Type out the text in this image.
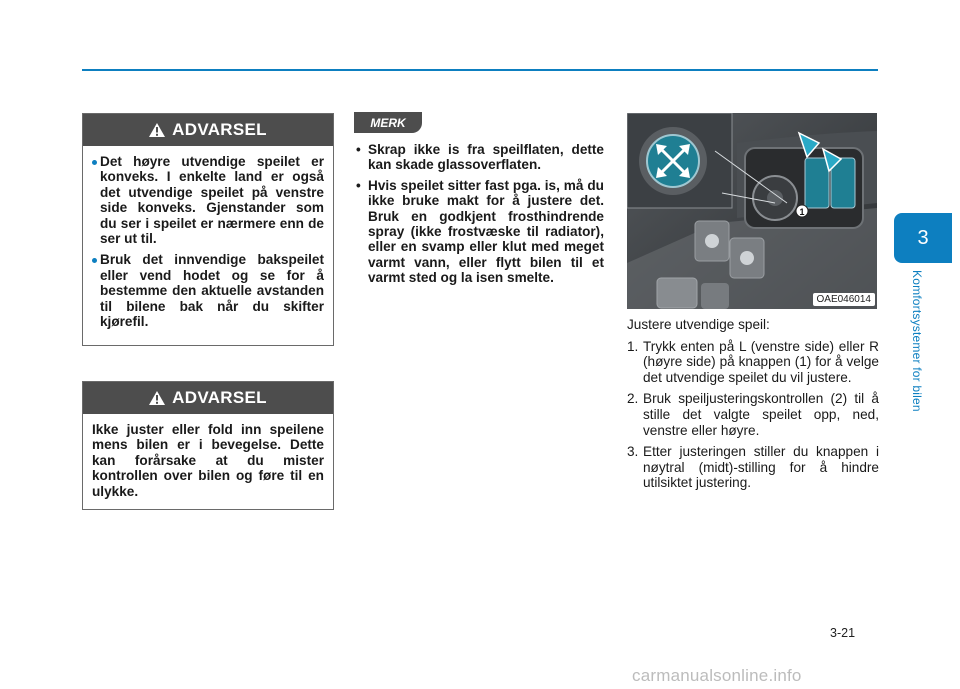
ADVARSEL
Det høyre utvendige speilet er konveks. I enkelte land er også det utvendige speilet på venstre side konveks. Gjenstander som du ser i speilet er nærmere enn de ser ut til.
Bruk det innvendige bakspeilet eller vend hodet og se for å bestemme den aktuelle avstanden til bilene bak når du skifter kjørefil.
ADVARSEL

Ikke juster eller fold inn speilene mens bilen er i bevegelse. Dette kan forårsake at du mister kontrollen over bilen og føre til en ulykke.

MERK
• Skrap ikke is fra speilflaten, dette kan skade glassoverflaten.
• Hvis speilet sitter fast pga. is, må du ikke bruke makt for å justere det. Bruk en godkjent frosthindrende spray (ikke frostvæske til radiator), eller en svamp eller klut med meget varmt vann, eller flytt bilen til et varmt sted og la isen smelte.
1
OAE046014

Justere utvendige speil:

1. Trykk enten på L (venstre side) eller R (høyre side) på knappen (1) for å velge det utvendige speilet du vil justere.
2. Bruk speiljusteringskontrollen (2) til å stille det valgte speilet opp, ned, venstre eller høyre.
3. Etter justeringen stiller du knappen i nøytral (midt)-stilling for å hindre utilsiktet justering.
3
Komfortsystemer for bilen
3-21
carmanualsonline.info
